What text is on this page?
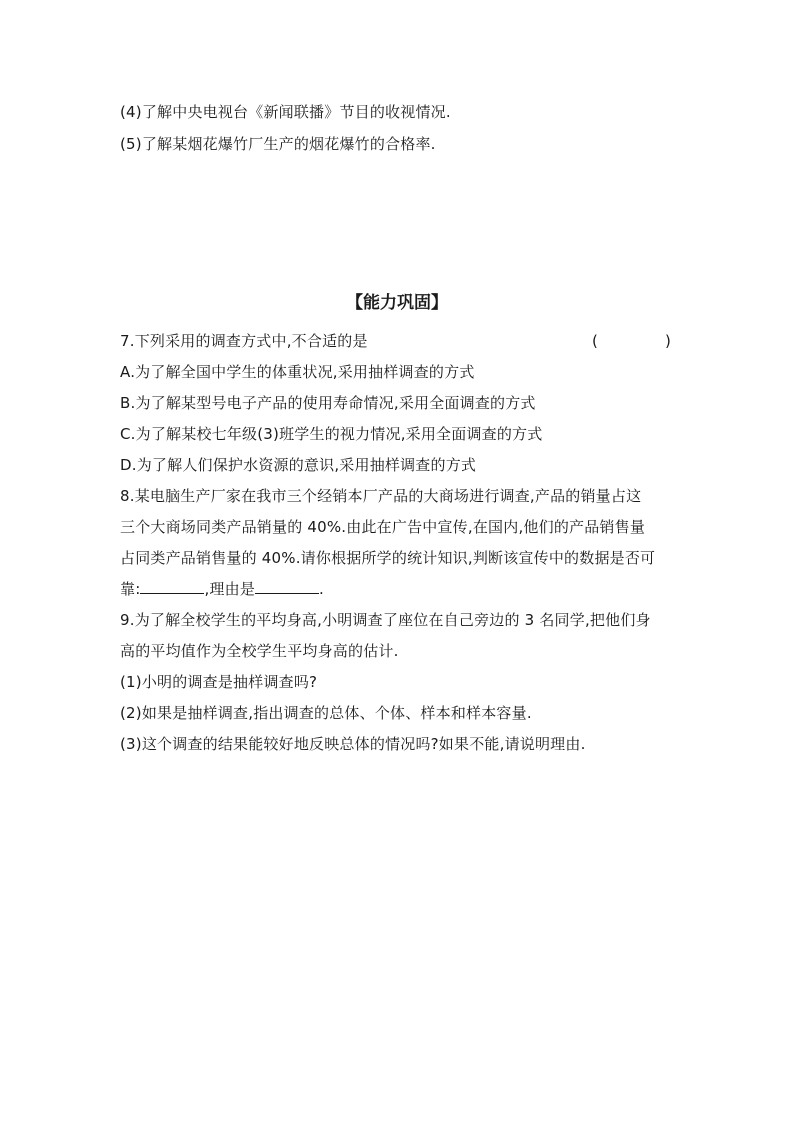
(4)了解中央电视台《新闻联播》节目的收视情况.
(5)了解某烟花爆竹厂生产的烟花爆竹的合格率.
【能力巩固】
7.下列采用的调查方式中,不合适的是	(	)
A.为了解全国中学生的体重状况,采用抽样调查的方式
B.为了解某型号电子产品的使用寿命情况,采用全面调查的方式
C.为了解某校七年级(3)班学生的视力情况,采用全面调查的方式
D.为了解人们保护水资源的意识,采用抽样调查的方式
8.某电脑生产厂家在我市三个经销本厂产品的大商场进行调查,产品的销量占这
三个大商场同类产品销量的 40%.由此在广告中宣传,在国内,他们的产品销售量
占同类产品销售量的 40%.请你根据所学的统计知识,判断该宣传中的数据是否可
靠:	,理由是	.
9.为了解全校学生的平均身高,小明调查了座位在自己旁边的 3 名同学,把他们身
高的平均值作为全校学生平均身高的估计.
(1)小明的调查是抽样调查吗?
(2)如果是抽样调查,指出调查的总体、个体、样本和样本容量.
(3)这个调查的结果能较好地反映总体的情况吗?如果不能,请说明理由.
